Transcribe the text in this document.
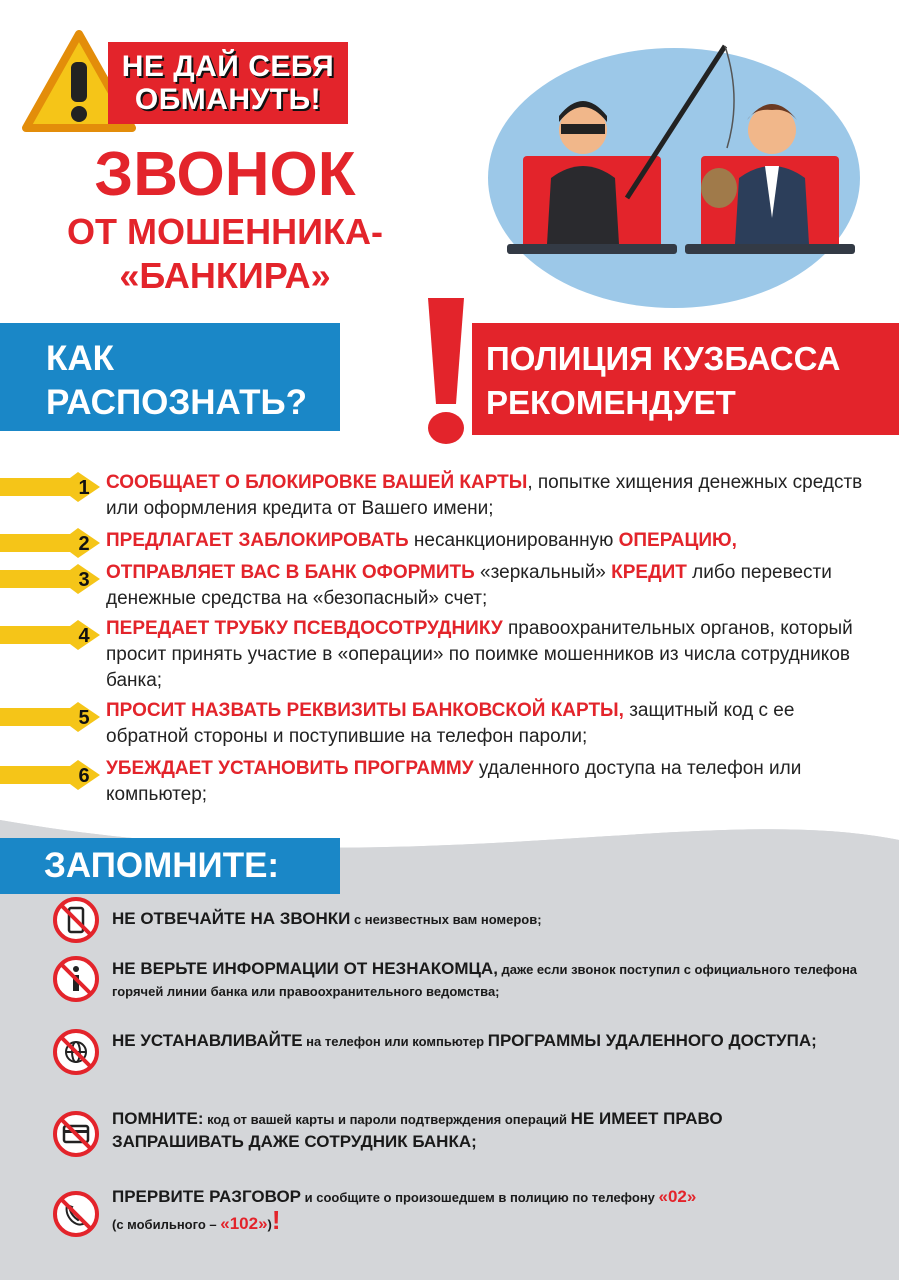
НЕ ДАЙ СЕБЯ
ОБМАНУТЬ!
ЗВОНОК
ОТ МОШЕННИКА-
«БАНКИРА»
КАК
РАСПОЗНАТЬ?
ПОЛИЦИЯ КУЗБАССА
РЕКОМЕНДУЕТ
1 СООБЩАЕТ О БЛОКИРОВКЕ ВАШЕЙ КАРТЫ, попытке хищения денежных средств или оформления кредита от Вашего имени;
2 ПРЕДЛАГАЕТ ЗАБЛОКИРОВАТЬ несанкционированную ОПЕРАЦИЮ,
3 ОТПРАВЛЯЕТ ВАС В БАНК ОФОРМИТЬ «зеркальный» КРЕДИТ либо перевести денежные средства на «безопасный» счет;
4 ПЕРЕДАЕТ ТРУБКУ ПСЕВДОСОТРУДНИКУ правоохранительных органов, который просит принять участие в «операции» по поимке мошенников из числа сотрудников банка;
5 ПРОСИТ НАЗВАТЬ РЕКВИЗИТЫ БАНКОВСКОЙ КАРТЫ, защитный код с ее обратной стороны и поступившие на телефон пароли;
6 УБЕЖДАЕТ УСТАНОВИТЬ ПРОГРАММУ удаленного доступа на телефон или компьютер;
ЗАПОМНИТЕ:
НЕ ОТВЕЧАЙТЕ НА ЗВОНКИ с неизвестных вам номеров;
НЕ ВЕРЬТЕ ИНФОРМАЦИИ ОТ НЕЗНАКОМЦА, даже если звонок поступил с официального телефона горячей линии банка или правоохранительного ведомства;
НЕ УСТАНАВЛИВАЙТЕ на телефон или компьютер ПРОГРАММЫ УДАЛЕННОГО ДОСТУПА;
ПОМНИТЕ: код от вашей карты и пароли подтверждения операций НЕ ИМЕЕТ ПРАВО ЗАПРАШИВАТЬ ДАЖЕ СОТРУДНИК БАНКА;
ПРЕРВИТЕ РАЗГОВОР и сообщите о произошедшем в полицию по телефону «02»
(с мобильного – «102»)!
